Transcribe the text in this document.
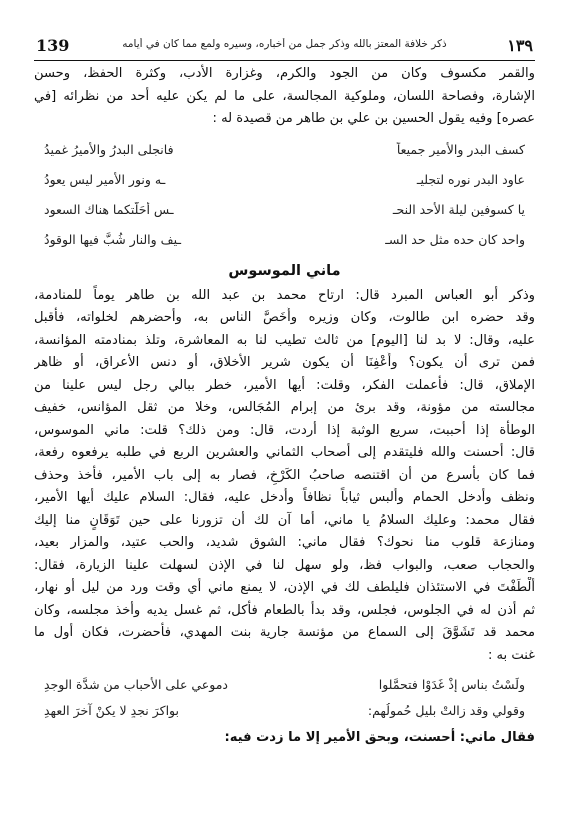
139	ذكر خلافة المعتز بالله وذكر جمل من أخباره، وسيره ولمع مما كان في أيامه	١٣٩

والقمر مكسوف وكان من الجود والكرم، وغزارة الأدب، وكثرة الحفظ، وحسن
الإشارة، وفصاحة اللسان، وملوكية المجالسة، على ما لم يكن عليه أحد من نظرائه [في
عصره] وفيه يقول الحسين بن علي بن طاهر من قصيدة له :

كسف البدر والأمير جميعاً
فانجلى البدرُ والأميرُ غميدُ
عاود البدر نوره لتجليـ
ـه ونور الأمير ليس يعودُ
يا كسوفين ليلة الأحد النحـ
ـس أحَلّتكما هناك السعود
واحد كان حده مثل حد السـ
ـيف والنار شُبَّ فيها الوقودُ
ماني الموسوس

وذكر أبو العباس المبرد قال: ارتاح محمد بن عبد الله بن طاهر يوماً للمنادمة،
وقد حضره ابن طالوت، وكان وزيره وأَخَصَّ الناس به، وأحضرهم لخلواته، فأقبل
عليه، وقال: لا بد لنا [اليوم] من ثالث تطيب لنا به المعاشرة، وتلذ بمنادمته المؤانسة،
فمن ترى أن يكون؟ وأَعْفِنَا أن يكون شرير الأخلاق، أو دنس الأعراق، أو ظاهر
الإملاق، قال: فأعملت الفكر، وقلت: أيها الأمير، خطر ببالي رجل ليس علينا من
مجالسته من مؤونة، وقد برئ من إبرام المُجَالس، وخلا من ثقل المؤانس، خفيف
الوطأة إذا أحببت، سريع الوثبة إذا أردت، قال: ومن ذلك؟ قلت: ماني الموسوس،
قال: أحسنت والله فليتقدم إلى أصحاب الثماني والعشرين الربع في طلبه يرفعوه رفعة،
فما كان بأسرع من أن اقتنصه صاحبُ الكَرْخِ، فصار به إلى باب الأمير، فأخذ وحذف
ونظف وأدخل الحمام وأُلبس ثياباً نظافاً وأُدخل عليه، فقال: السلام عليك أيها الأمير،
فقال محمد: وعليك السلامُ يا ماني، أما آن لك أن تزورنا على حين تَوَقَانٍ منا إليك
ومنازعة قلوب منا نحوك؟ فقال ماني: الشوق شديد، والحب عتيد، والمزار بعيد،
والحجاب صعب، والبواب فظ، ولو سهل لنا في الإذن لسهلت علينا الزيارة، فقال:
أَلْطَفْتَ في الاستئذان فليلطف لك في الإذن، لا يمنع ماني أي وقت ورد من ليل أو نهار،
ثم أذن له في الجلوس، فجلس، وقد بدأ بالطعام فأكل، ثم غسل يديه وأخذ مجلسه، وكان
محمد قد تَشَوَّقَ إلى السماع من مؤنسة جارية بنت المهدي، فأحضرت، فكان أول ما
غنت به :

ولَسْتُ بناسٍ إذْ غَدَوْا فتحمَّلوا
دموعي على الأحبابِ من شدَّة الوجدِ
وقولي وقد زالتْ بليلٍ حُمولُهم:
بواكرَ نجدٍ لا يكنْ آخرَ العهدِ

فقال ماني: أحسنت، وبحق الأمير إلا ما زدت فيه:
